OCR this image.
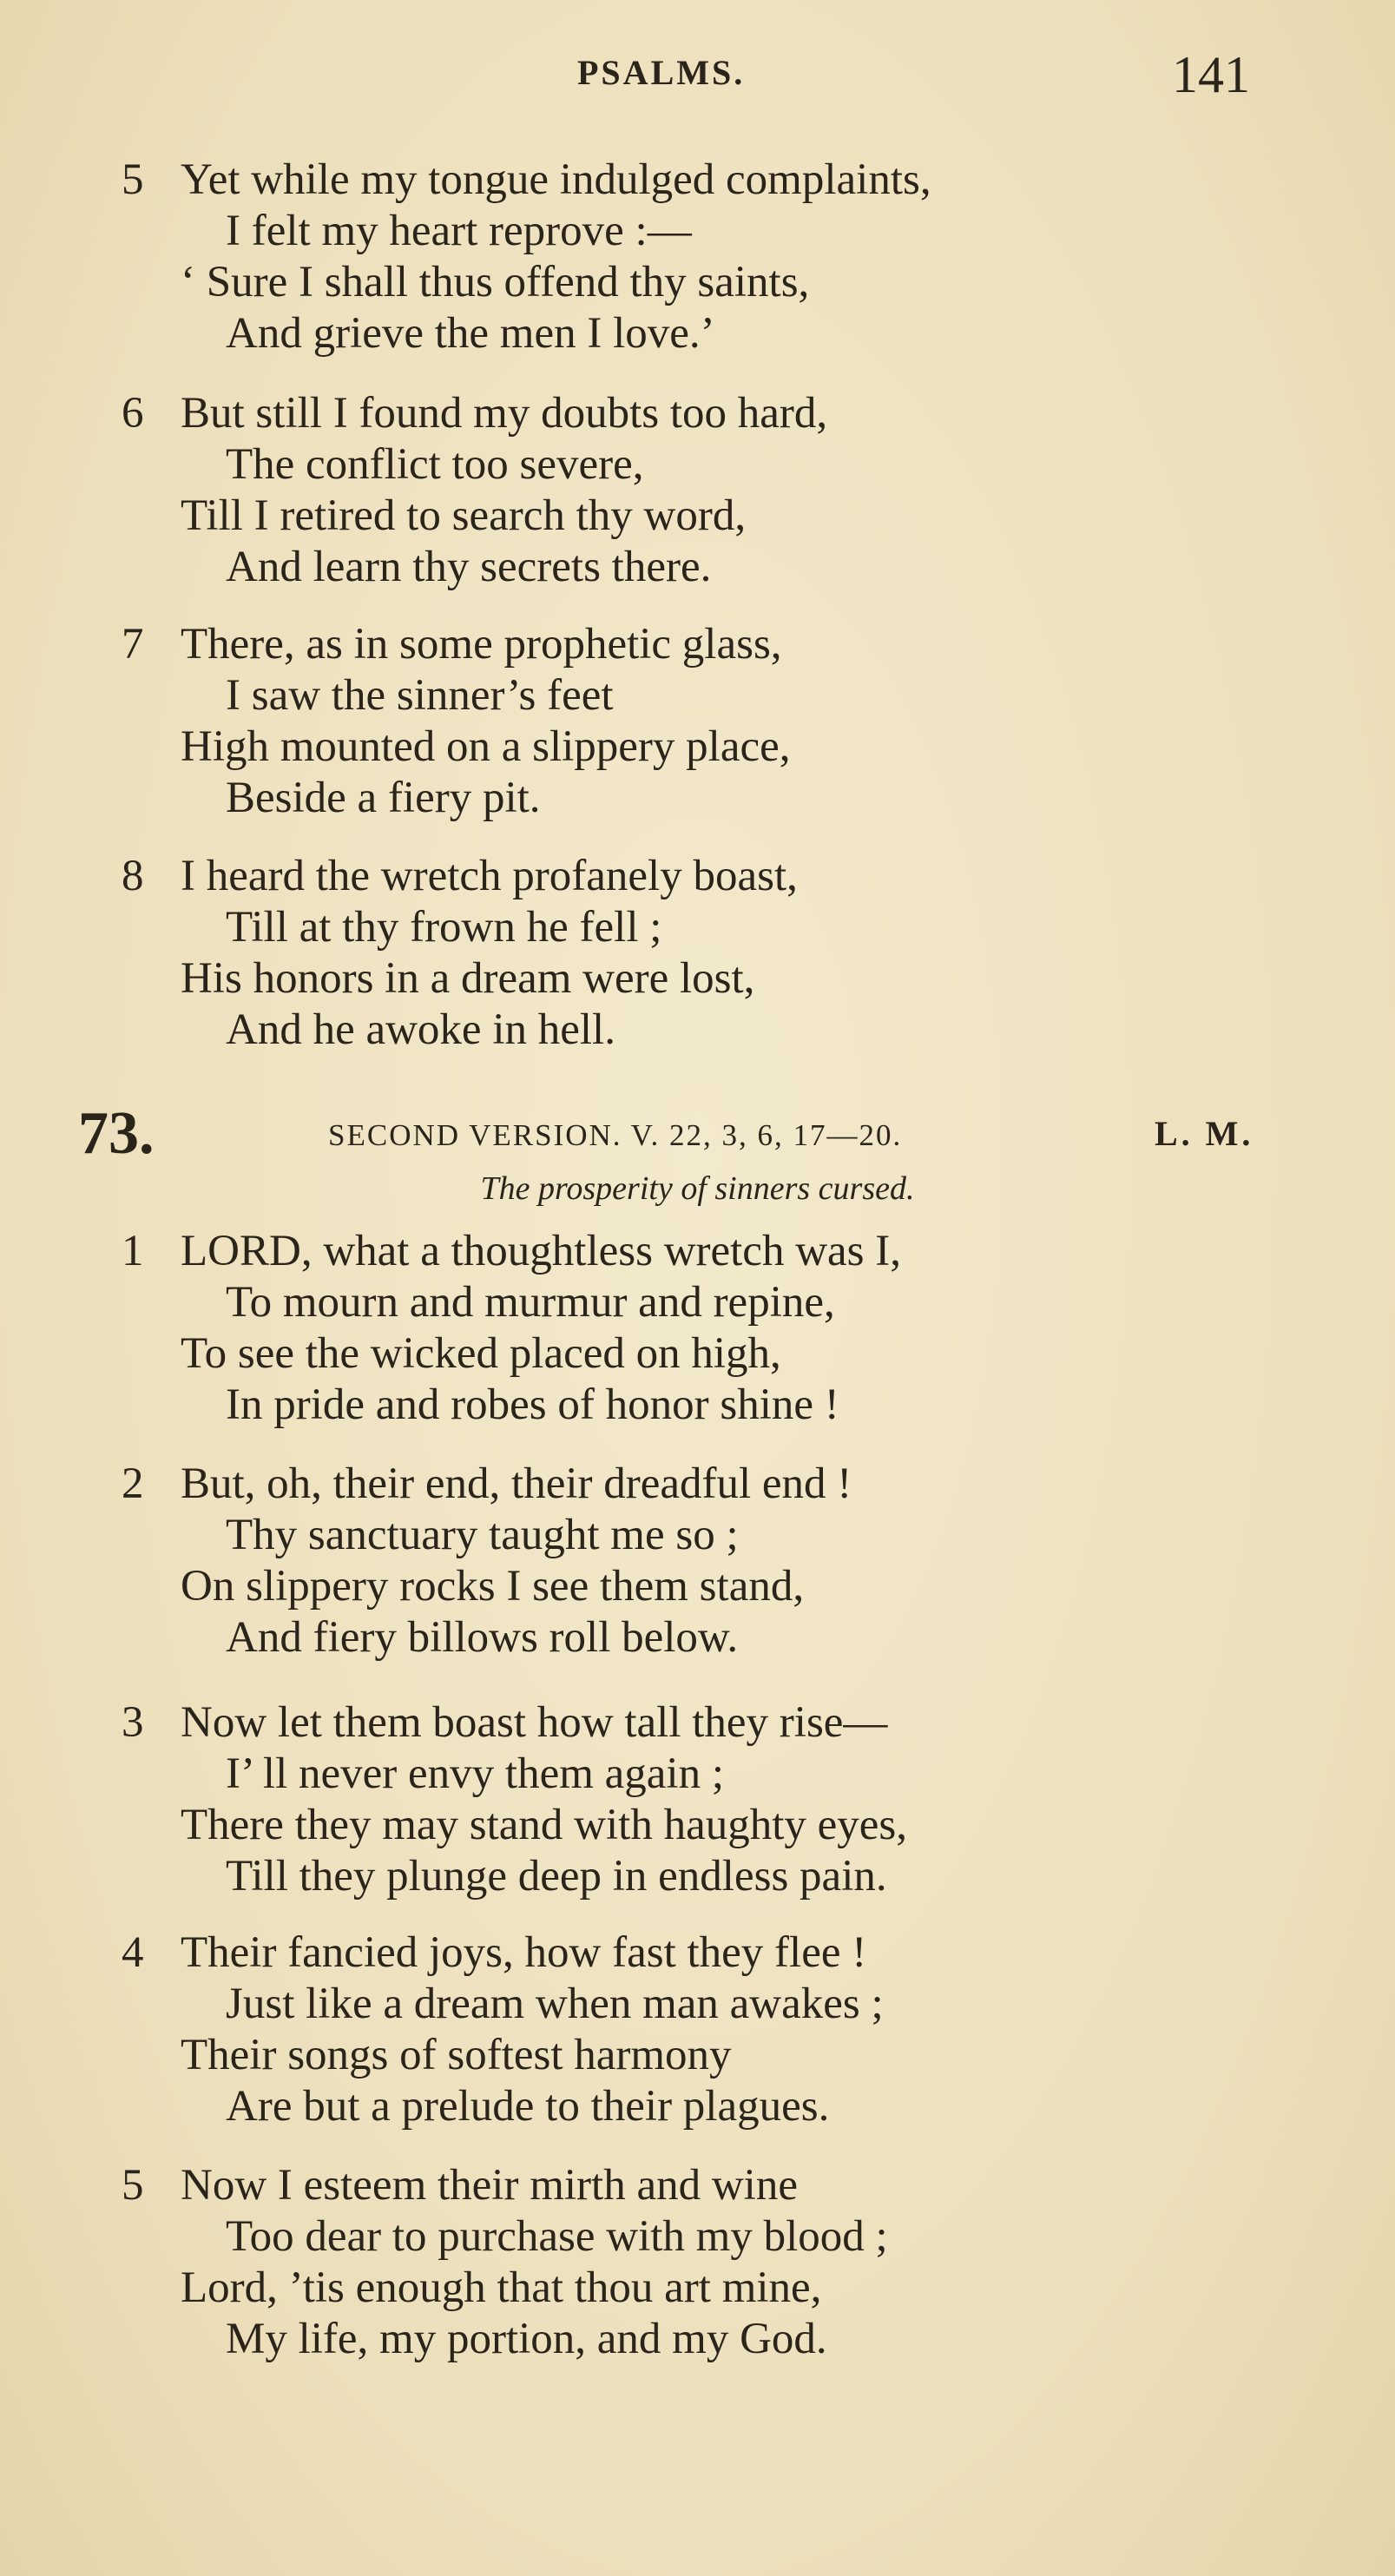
PSALMS.	141
5 Yet while my tongue indulged complaints,
I felt my heart reprove :—
‘ Sure I shall thus offend thy saints,
And grieve the men I love.’
6 But still I found my doubts too hard,
The conflict too severe,
Till I retired to search thy word,
And learn thy secrets there.
7 There, as in some prophetic glass,
I saw the sinner’s feet
High mounted on a slippery place,
Beside a fiery pit.
8 I heard the wretch profanely boast,
Till at thy frown he fell ;
His honors in a dream were lost,
And he awoke in hell.
73.	SECOND VERSION. V. 22, 3, 6, 17—20.	L. M.
The prosperity of sinners cursed.
1 LORD, what a thoughtless wretch was I,
To mourn and murmur and repine,
To see the wicked placed on high,
In pride and robes of honor shine !
2 But, oh, their end, their dreadful end !
Thy sanctuary taught me so ;
On slippery rocks I see them stand,
And fiery billows roll below.
3 Now let them boast how tall they rise—
I’ ll never envy them again ;
There they may stand with haughty eyes,
Till they plunge deep in endless pain.
4 Their fancied joys, how fast they flee !
Just like a dream when man awakes ;
Their songs of softest harmony
Are but a prelude to their plagues.
5 Now I esteem their mirth and wine
Too dear to purchase with my blood ;
Lord, ’tis enough that thou art mine,
My life, my portion, and my God.
